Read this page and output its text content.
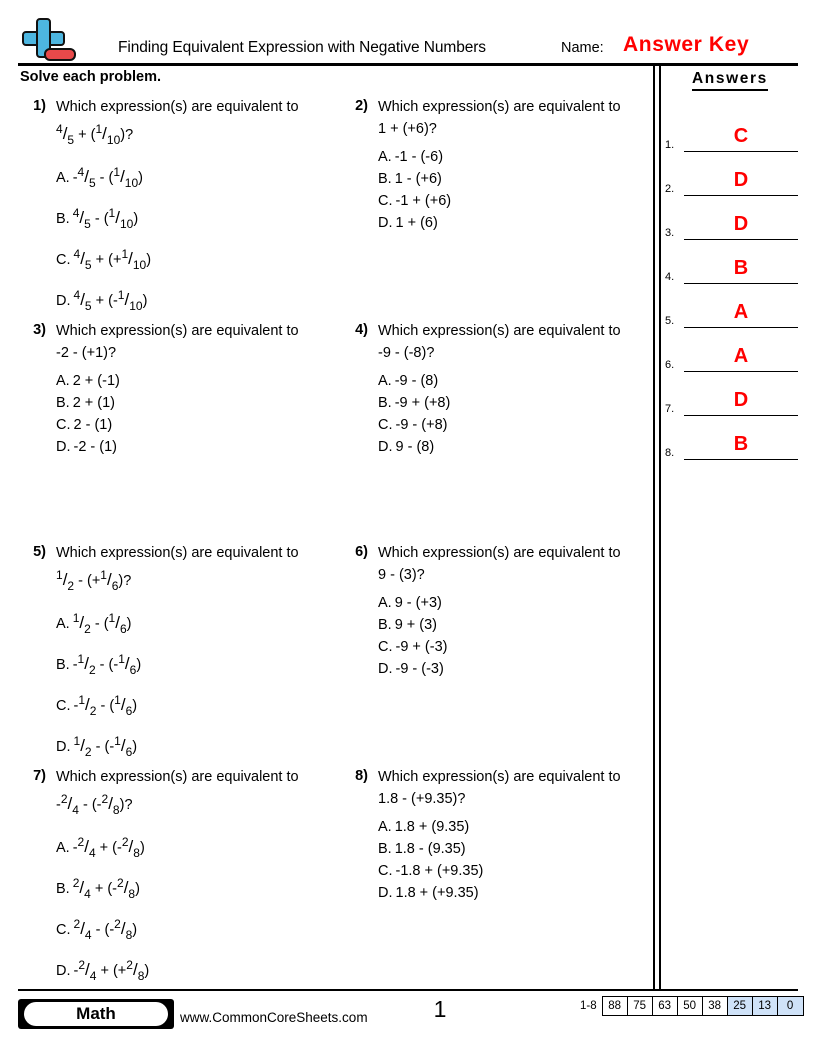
Finding Equivalent Expression with Negative Numbers	Name: Answer Key
Solve each problem.	Answers
1.	C
2.	D
3.	D
4.	B
5.	A
6.	A
7.	D
8.	B
1) Which expression(s) are equivalent to
$^4/_5 + (^1/_{10})$?
A. $-^4/_5 - (^1/_{10})$
B. $^4/_5 - (^1/_{10})$
C. $^4/_5 + (+^1/_{10})$
D. $^4/_5 + (-^1/_{10})$
2) Which expression(s) are equivalent to
1 + (+6)?
A. -1 - (-6)
B. 1 - (+6)
C. -1 + (+6)
D. 1 + (6)
3) Which expression(s) are equivalent to
-2 - (+1)?
A. 2 + (-1)
B. 2 + (1)
C. 2 - (1)
D. -2 - (1)
4) Which expression(s) are equivalent to
-9 - (-8)?
A. -9 - (8)
B. -9 + (+8)
C. -9 - (+8)
D. 9 - (8)
5) Which expression(s) are equivalent to
$^1/_2 - (+^1/_6)$?
A. $^1/_2 - (^1/_6)$
B. $-^1/_2 - (-^1/_6)$
C. $-^1/_2 - (^1/_6)$
D. $^1/_2 - (-^1/_6)$
6) Which expression(s) are equivalent to
9 - (3)?
A. 9 - (+3)
B. 9 + (3)
C. -9 + (-3)
D. -9 - (-3)
7) Which expression(s) are equivalent to
$-^2/_4 - (-^2/_8)$?
A. $-^2/_4 + (-^2/_8)$
B. $^2/_4 + (-^2/_8)$
C. $^2/_4 - (-^2/_8)$
D. $-^2/_4 + (+^2/_8)$
8) Which expression(s) are equivalent to
1.8 - (+9.35)?
A. 1.8 + (9.35)
B. 1.8 - (9.35)
C. -1.8 + (+9.35)
D. 1.8 + (+9.35)
Math	www.CommonCoreSheets.com	1	1-8	88	75	63	50	38	25	13	0
